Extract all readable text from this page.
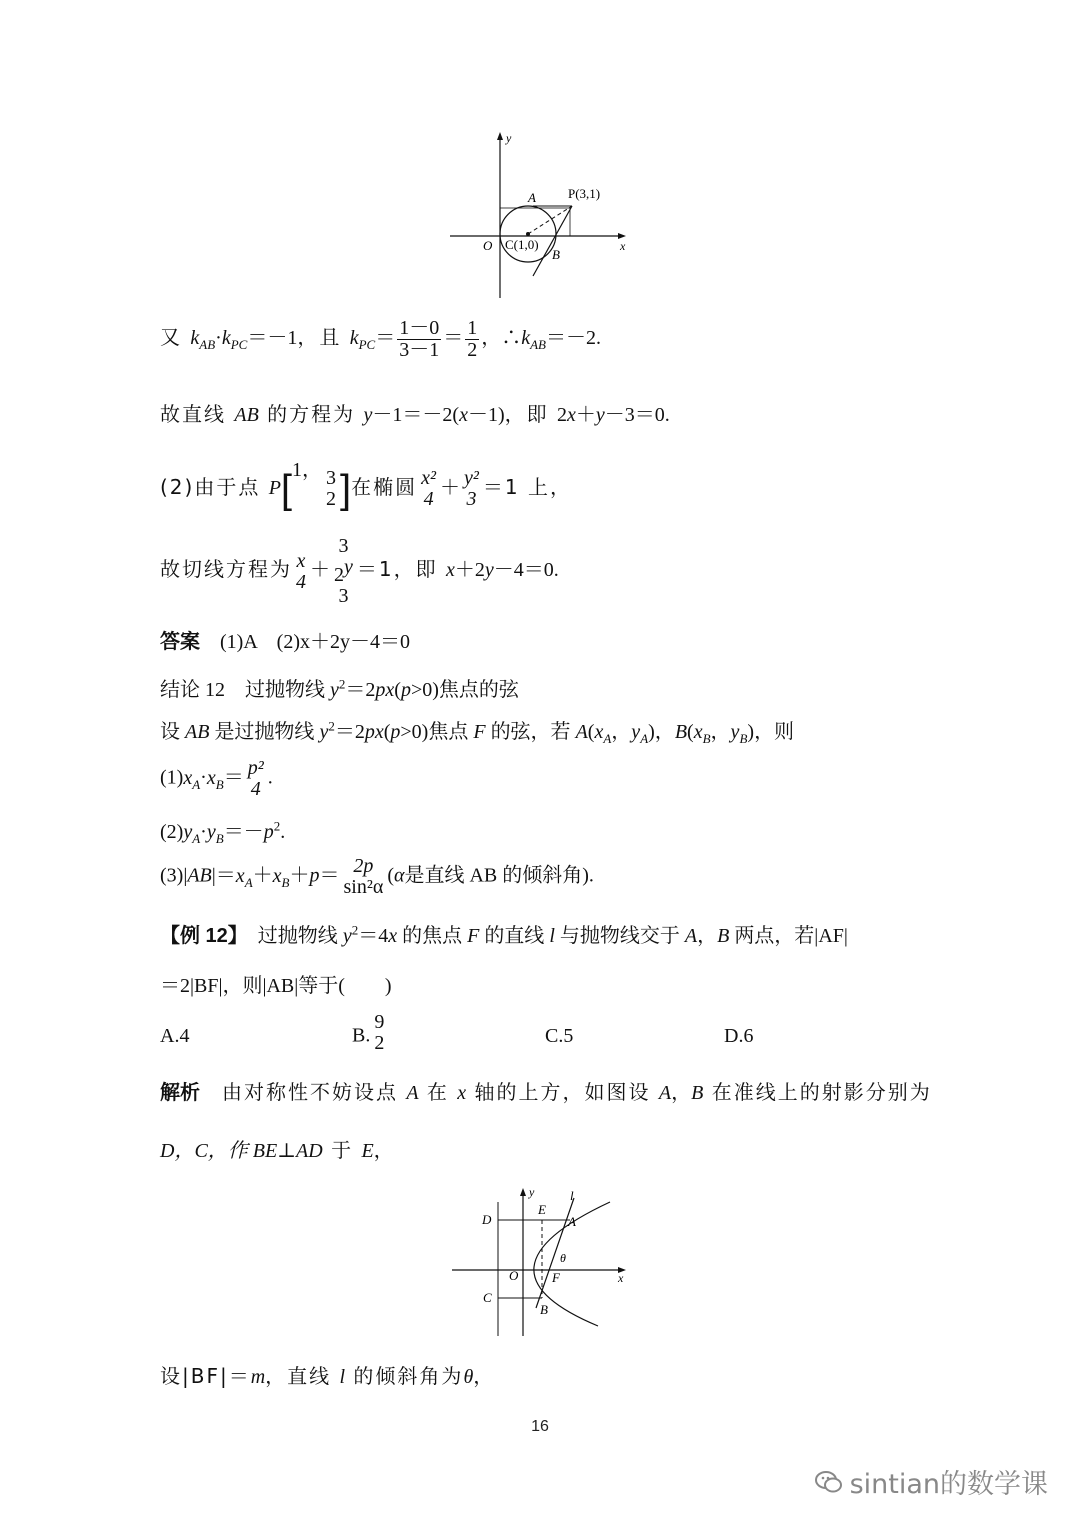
y
x
O
A P(3,1)
C(1,0)
B
又 $k_{AB}\cdot k_{PC}=-1$，且 $k_{PC}= \frac{1-0}{3-1} = \frac{1}{2}$ ，$\therefore k_{AB}=-2$.
故直线 AB 的方程为 y－1＝－2(x－1)，即 2x＋y－3＝0.
(2)由于点 P[1， 3
2 ]在椭圆 x²
4
＋ y²
3
＝1 上，
故切线方程为 x
4
＋
3
2y
3
＝1，即 x＋2y－4＝0.
答案　 (1)A　(2)x＋2y－4＝0
结论 12　过抛物线 $y^2=2px(p>0)$焦点的弦
设 AB 是过抛物线 $y^2=2px(p>0)$焦点 F 的弦，若 $A(x_A$，$y_A$)，$B(x_B$，$y_B$)，则
$(1)x_A\cdot x_B= p^2$
4
.
$(2)y_A\cdot y_B=-p^2$.
$(3)|AB|=x_A+x_B+p= 2p$
sin²α
(α是直线 AB 的倾斜角).
【例 12】　过抛物线 $y^2=4x$ 的焦点 F 的直线 l 与抛物线交于 A，B 两点，若|AF|
＝2|BF|，则|AB|等于(　　)
A.4	B.
9
2	C.5	D.6
解析　由对称性不妨设点 A 在 x 轴的上方，如图设 A，B 在准线上的射影分别为
D，C，作 BE⊥AD 于 E，
y
x
O
D
E
A
l
θ
F
C
B
设|BF|＝m，直线 l 的倾斜角为θ，
16
sintian的数学课
